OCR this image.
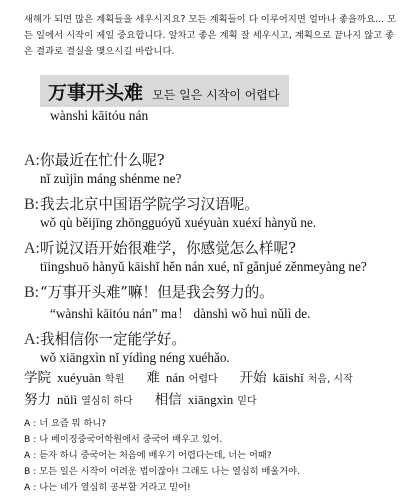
새해가 되면 많은 계획들을 세우시지요? 모든 계획들이 다 이루어지면 얼마나 좋을까요... 모든 일에서 시작이 제일 중요합니다. 알차고 좋은 계획 잘 세우시고, 계획으로 끝나지 않고 좋은 결과로 결실을 맺으시길 바랍니다.

万事开头难 모든 일은 시작이 어렵다
wànshì kāitóu nán
A: 你最近在忙什么呢?
nǐ zuìjìn máng shénme ne?
B: 我去北京中国语学院学习汉语呢。
wǒ qù běijīng zhōngguóyǔ xuéyuàn xuéxí hànyǔ ne.
A: 听说汉语开始很难学，你感觉怎么样呢?
tīingshuō hànyǔ kāishǐ hěn nán xué, nǐ gǎnjué zěnmeyàng ne?
B: “万事开头难”嘛！但是我会努力的。
“wànshì kāitóu nán” ma！ dànshì wǒ huì nǔlì de.
A: 我相信你一定能学好。
wǒ xiāngxìn nǐ yídìng néng xuéhǎo.
学院 xuéyuàn 학원 难 nán 어렵다 开始 kāishǐ 처음, 시작
努力 nǔlì 열심히 하다 相信 xiāngxìn 믿다
A : 너 요즘 뭐 하니?
B : 나 베이징중국어학원에서 중국어 배우고 있어.
A : 듣자 하니 중국어는 처음에 배우기 어렵다는데, 너는 어때?
B : 모든 일은 시작이 어려운 법이잖아! 그래도 나는 열심히 배울거야.
A : 나는 네가 열심히 공부할 거라고 믿어!
